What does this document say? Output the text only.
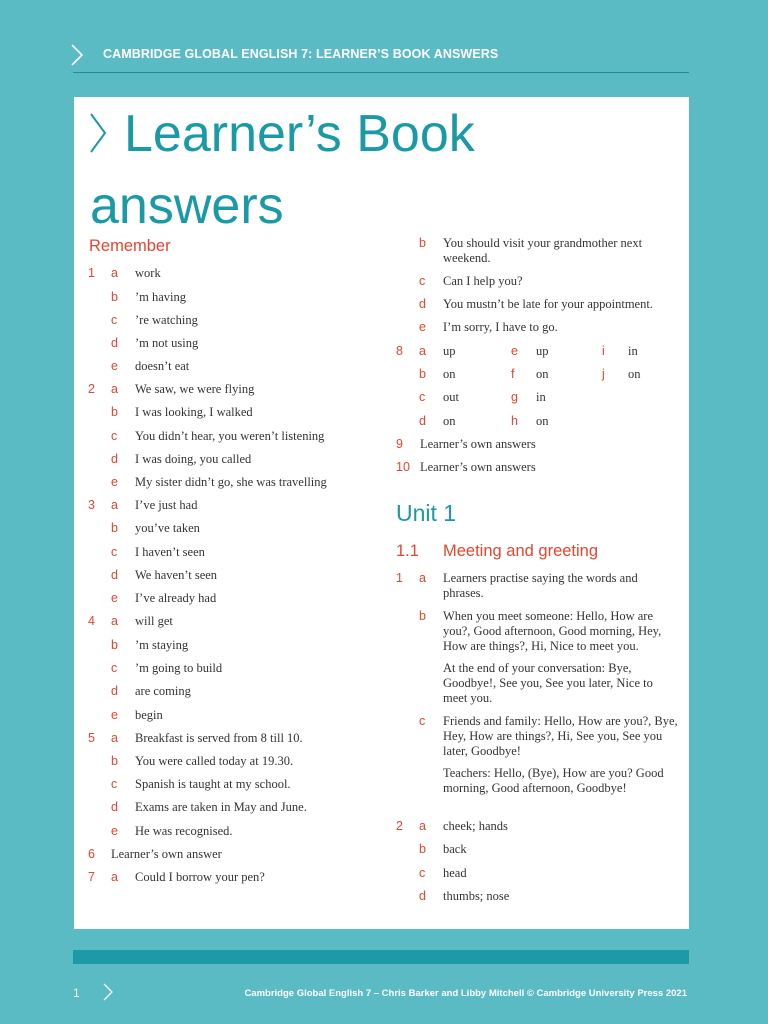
CAMBRIDGE GLOBAL ENGLISH 7: LEARNER’S BOOK ANSWERS
Learner’s Book
answers
Remember
1 a work
b ’m having
c ’re watching
d ’m not using
e doesn’t eat
2 a We saw, we were flying
b I was looking, I walked
c You didn’t hear, you weren’t listening
d I was doing, you called
e My sister didn’t go, she was travelling
3 a I’ve just had
b you’ve taken
c I haven’t seen
d We haven’t seen
e I’ve already had
4 a will get
b ’m staying
c ’m going to build
d are coming
e begin
5 a Breakfast is served from 8 till 10.
b You were called today at 19.30.
c Spanish is taught at my school.
d Exams are taken in May and June.
e He was recognised.
6 Learner’s own answer
7 a Could I borrow your pen?
b You should visit your grandmother next weekend.
c Can I help you?
d You mustn’t be late for your appointment.
e I’m sorry, I have to go.
8 a up	e up	i in
b on	f on	j on
c out	g in
d on	h on
9 Learner’s own answers
10 Learner’s own answers
Unit 1
1.1 Meeting and greeting
1 a Learners practise saying the words and phrases.
b When you meet someone: Hello, How are you?, Good afternoon, Good morning, Hey, How are things?, Hi, Nice to meet you.
At the end of your conversation: Bye, Goodbye!, See you, See you later, Nice to meet you.
c Friends and family: Hello, How are you?, Bye, Hey, How are things?, Hi, See you, See you later, Goodbye!
Teachers: Hello, (Bye), How are you? Good morning, Good afternoon, Goodbye!
2 a cheek; hands
b back
c head
d thumbs; nose
1	Cambridge Global English 7 – Chris Barker and Libby Mitchell © Cambridge University Press 2021
